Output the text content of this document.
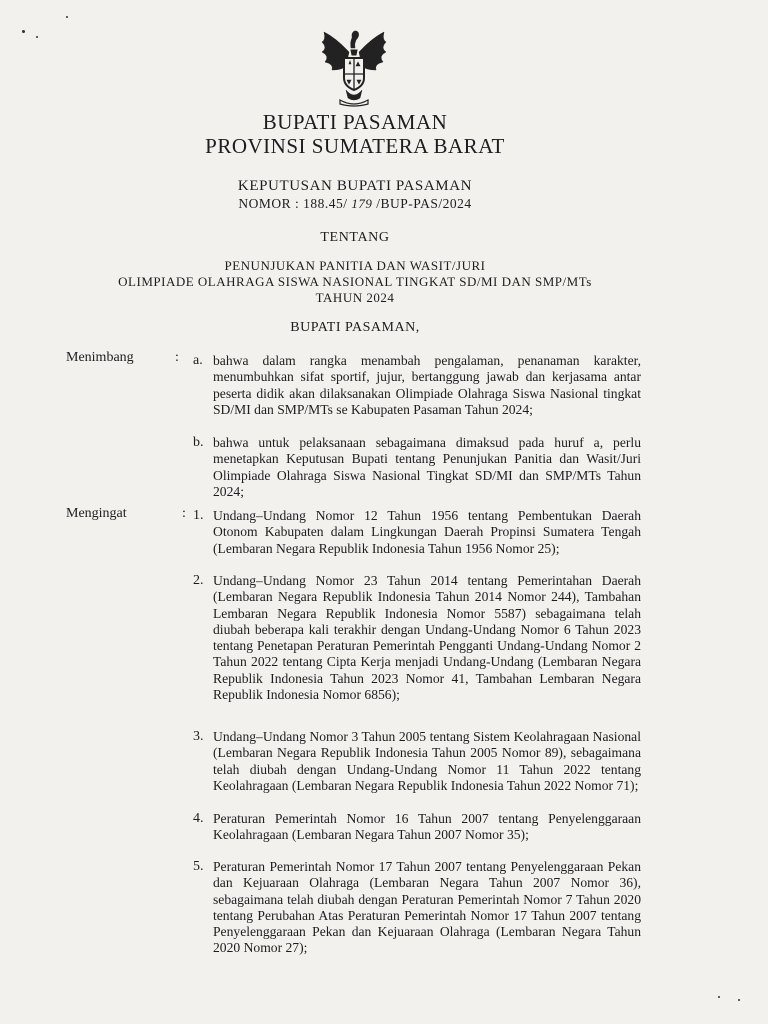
BUPATI PASAMAN
PROVINSI SUMATERA BARAT
KEPUTUSAN BUPATI PASAMAN
NOMOR : 188.45/ 179 /BUP-PAS/2024
TENTANG
PENUNJUKAN PANITIA DAN WASIT/JURI
OLIMPIADE OLAHRAGA SISWA NASIONAL TINGKAT SD/MI DAN SMP/MTs
TAHUN 2024
BUPATI PASAMAN,
Menimbang	: a. bahwa dalam rangka menambah pengalaman, penanaman karakter, menumbuhkan sifat sportif, jujur, bertanggung jawab dan kerjasama antar peserta didik akan dilaksanakan Olimpiade Olahraga Siswa Nasional tingkat SD/MI dan SMP/MTs se Kabupaten Pasaman Tahun 2024;
b. bahwa untuk pelaksanaan sebagaimana dimaksud pada huruf a, perlu menetapkan Keputusan Bupati tentang Penunjukan Panitia dan Wasit/Juri Olimpiade Olahraga Siswa Nasional Tingkat SD/MI dan SMP/MTs Tahun 2024;
Mengingat	: 1. Undang–Undang Nomor 12 Tahun 1956 tentang Pembentukan Daerah Otonom Kabupaten dalam Lingkungan Daerah Propinsi Sumatera Tengah (Lembaran Negara Republik Indonesia Tahun 1956 Nomor 25);
2. Undang–Undang Nomor 23 Tahun 2014 tentang Pemerintahan Daerah (Lembaran Negara Republik Indonesia Tahun 2014 Nomor 244), Tambahan Lembaran Negara Republik Indonesia Nomor 5587) sebagaimana telah diubah beberapa kali terakhir dengan Undang-Undang Nomor 6 Tahun 2023 tentang Penetapan Peraturan Pemerintah Pengganti Undang-Undang Nomor 2 Tahun 2022 tentang Cipta Kerja menjadi Undang-Undang (Lembaran Negara Republik Indonesia Tahun 2023 Nomor 41, Tambahan Lembaran Negara Republik Indonesia Nomor 6856);
3. Undang–Undang Nomor 3 Tahun 2005 tentang Sistem Keolahragaan Nasional (Lembaran Negara Republik Indonesia Tahun 2005 Nomor 89), sebagaimana telah diubah dengan Undang-Undang Nomor 11 Tahun 2022 tentang Keolahragaan (Lembaran Negara Republik Indonesia Tahun 2022 Nomor 71);
4. Peraturan Pemerintah Nomor 16 Tahun 2007 tentang Penyelenggaraan Keolahragaan (Lembaran Negara Tahun 2007 Nomor 35);
5. Peraturan Pemerintah Nomor 17 Tahun 2007 tentang Penyelenggaraan Pekan dan Kejuaraan Olahraga (Lembaran Negara Tahun 2007 Nomor 36), sebagaimana telah diubah dengan Peraturan Pemerintah Nomor 7 Tahun 2020 tentang Perubahan Atas Peraturan Pemerintah Nomor 17 Tahun 2007 tentang Penyelenggaraan Pekan dan Kejuaraan Olahraga (Lembaran Negara Tahun 2020 Nomor 27);
